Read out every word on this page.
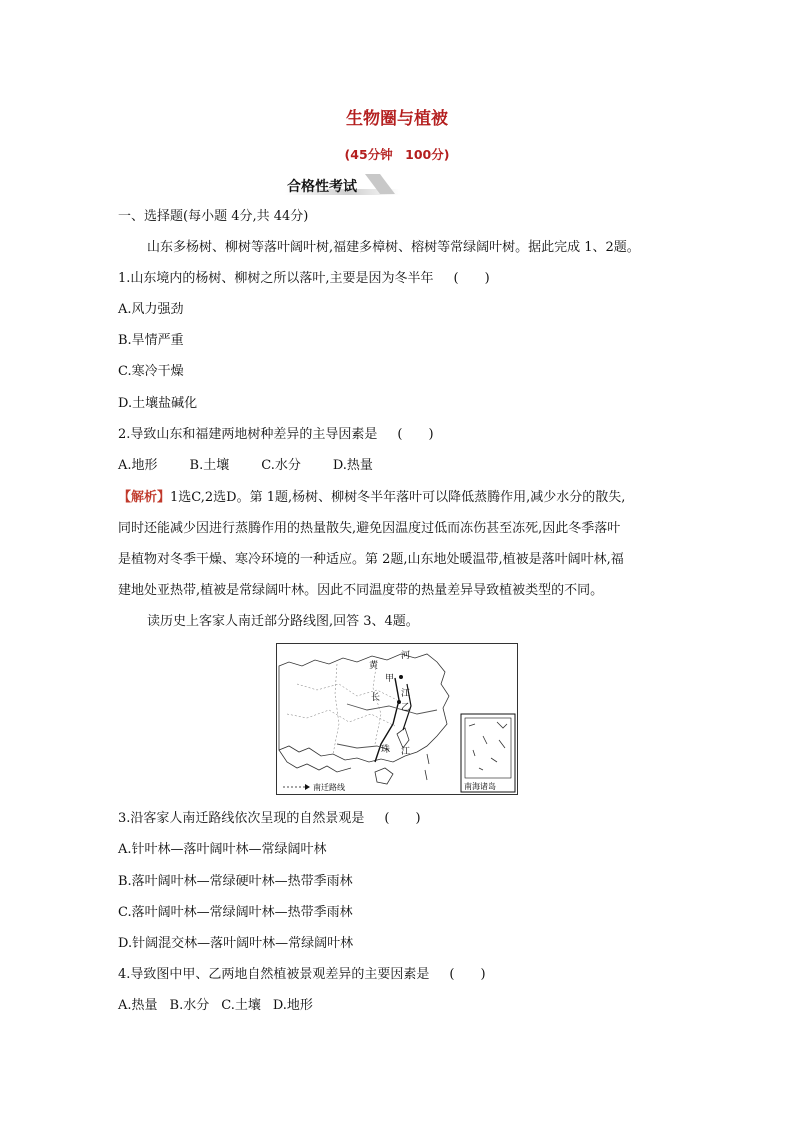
生物圈与植被
(45分钟　100分)
合格性考试
一、选择题(每小题 4分,共 44分)
山东多杨树、柳树等落叶阔叶树,福建多樟树、榕树等常绿阔叶树。据此完成 1、2题。
1.山东境内的杨树、柳树之所以落叶,主要是因为冬半年 (　　)
A.风力强劲
B.旱情严重
C.寒冷干燥
D.土壤盐碱化
2.导致山东和福建两地树种差异的主导因素是 (　　)
A.地形 B.土壤 C.水分 D.热量
【解析】1选C,2选D。第 1题,杨树、柳树冬半年落叶可以降低蒸腾作用,减少水分的散失,
同时还能减少因进行蒸腾作用的热量散失,避免因温度过低而冻伤甚至冻死,因此冬季落叶
是植物对冬季干燥、寒冷环境的一种适应。第 2题,山东地处暖温带,植被是落叶阔叶林,福
建地处亚热带,植被是常绿阔叶林。因此不同温度带的热量差异导致植被类型的不同。
读历史上客家人南迁部分路线图,回答 3、4题。
黄
河
甲
长 江
乙
珠 江
南迁路线	南海诸岛
3.沿客家人南迁路线依次呈现的自然景观是 (　　)
A.针叶林—落叶阔叶林—常绿阔叶林
B.落叶阔叶林—常绿硬叶林—热带季雨林
C.落叶阔叶林—常绿阔叶林—热带季雨林
D.针阔混交林—落叶阔叶林—常绿阔叶林
4.导致图中甲、乙两地自然植被景观差异的主要因素是 (　　)
A.热量 B.水分 C.土壤 D.地形
